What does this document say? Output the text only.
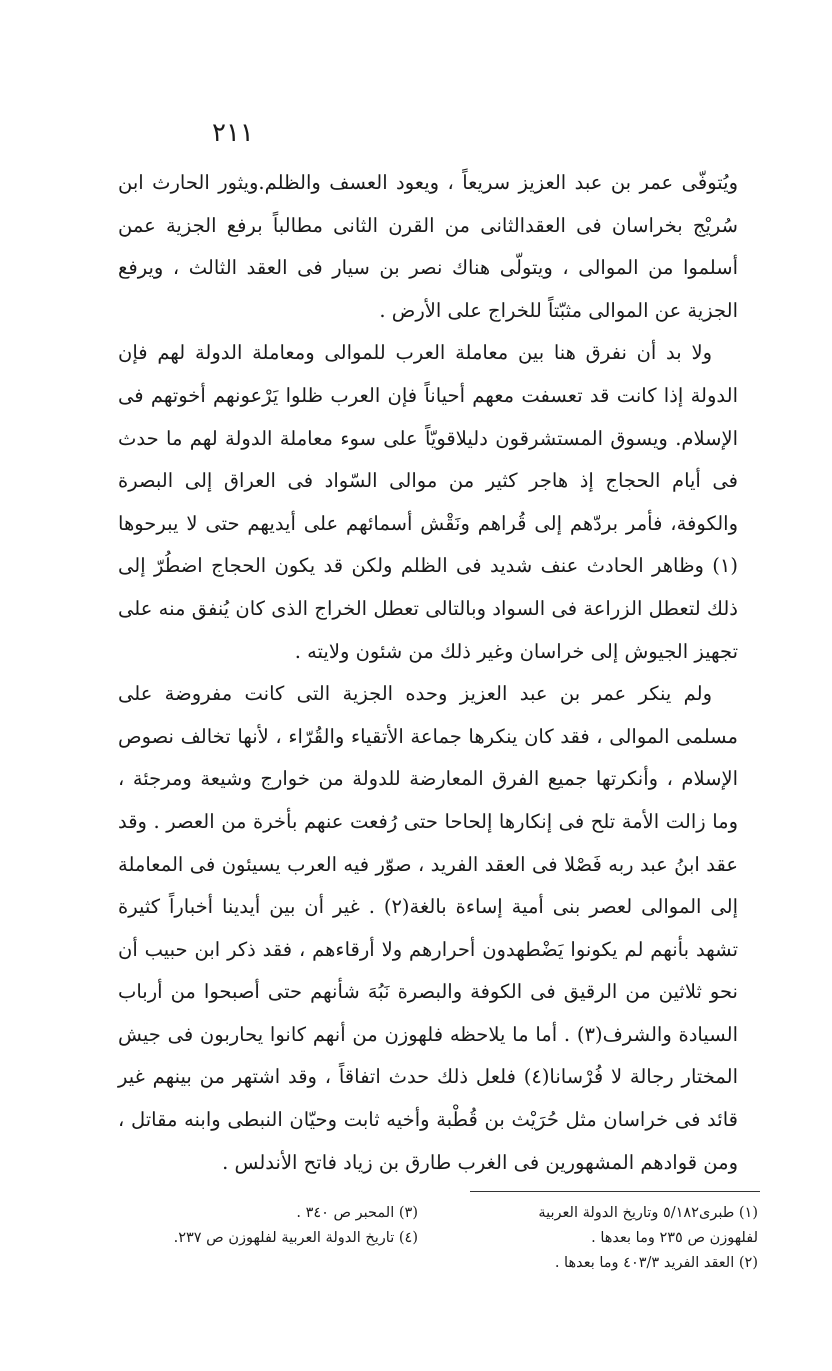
٢١١

ويُتوفّى عمر بن عبد العزيز سريعاً ، ويعود العسف والظلم.ويثور الحارث ابن سُريْج بخراسان فى العقدالثانى من القرن الثانى مطالباً برفع الجزية عمن أسلموا من الموالى ، ويتولّى هناك نصر بن سيار فى العقد الثالث ، ويرفع الجزية عن الموالى مثبّتاً للخراج على الأرض .

ولا بد أن نفرق هنا بين معاملة العرب للموالى ومعاملة الدولة لهم فإن الدولة إذا كانت قد تعسفت معهم أحياناً فإن العرب ظلوا يَرْعونهم أخوتهم فى الإسلام. ويسوق المستشرقون دليلاقويّاً على سوء معاملة الدولة لهم ما حدث فى أيام الحجاج إذ هاجر كثير من موالى السّواد فى العراق إلى البصرة والكوفة، فأمر بردّهم إلى قُراهم ونَقْش أسمائهم على أيديهم حتى لا يبرحوها (١) وظاهر الحادث عنف شديد فى الظلم ولكن قد يكون الحجاج اضطُرّ إلى ذلك لتعطل الزراعة فى السواد وبالتالى تعطل الخراج الذى كان يُنفق منه على تجهيز الجيوش إلى خراسان وغير ذلك من شئون ولايته .

ولم ينكر عمر بن عبد العزيز وحده الجزية التى كانت مفروضة على مسلمى الموالى ، فقد كان ينكرها جماعة الأتقياء والقُرّاء ، لأنها تخالف نصوص الإسلام ، وأنكرتها جميع الفرق المعارضة للدولة من خوارج وشيعة ومرجئة ، وما زالت الأمة تلح فى إنكارها إلحاحا حتى رُفعت عنهم بأخرة من العصر . وقد عقد ابنُ عبد ربه فَصْلا فى العقد الفريد ، صوّر فيه العرب يسيئون فى المعاملة إلى الموالى لعصر بنى أمية إساءة بالغة(٢) . غير أن بين أيدينا أخباراً كثيرة تشهد بأنهم لم يكونوا يَضْطهدون أحرارهم ولا أرقاءهم ، فقد ذكر ابن حبيب أن نحو ثلاثين من الرقيق فى الكوفة والبصرة نَبُهَ شأنهم حتى أصبحوا من أرباب السيادة والشرف(٣) . أما ما يلاحظه فلهوزن من أنهم كانوا يحاربون فى جيش المختار رجالة لا فُرْسانا(٤) فلعل ذلك حدث اتفاقاً ، وقد اشتهر من بينهم غير قائد فى خراسان مثل حُرَيْث بن قُطْبة وأخيه ثابت وحيّان النبطى وابنه مقاتل ، ومن قوادهم المشهورين فى الغرب طارق بن زياد فاتح الأندلس .

(١) طبرى٥/١٨٢ وتاريخ الدولة العربية
لفلهوزن ص ٢٣٥ وما بعدها .
(٢) العقد الفريد ٤٠٣/٣ وما بعدها .
(٣) المحبر ص ٣٤٠ .
(٤) تاريخ الدولة العربية لفلهوزن ص ٢٣٧.
